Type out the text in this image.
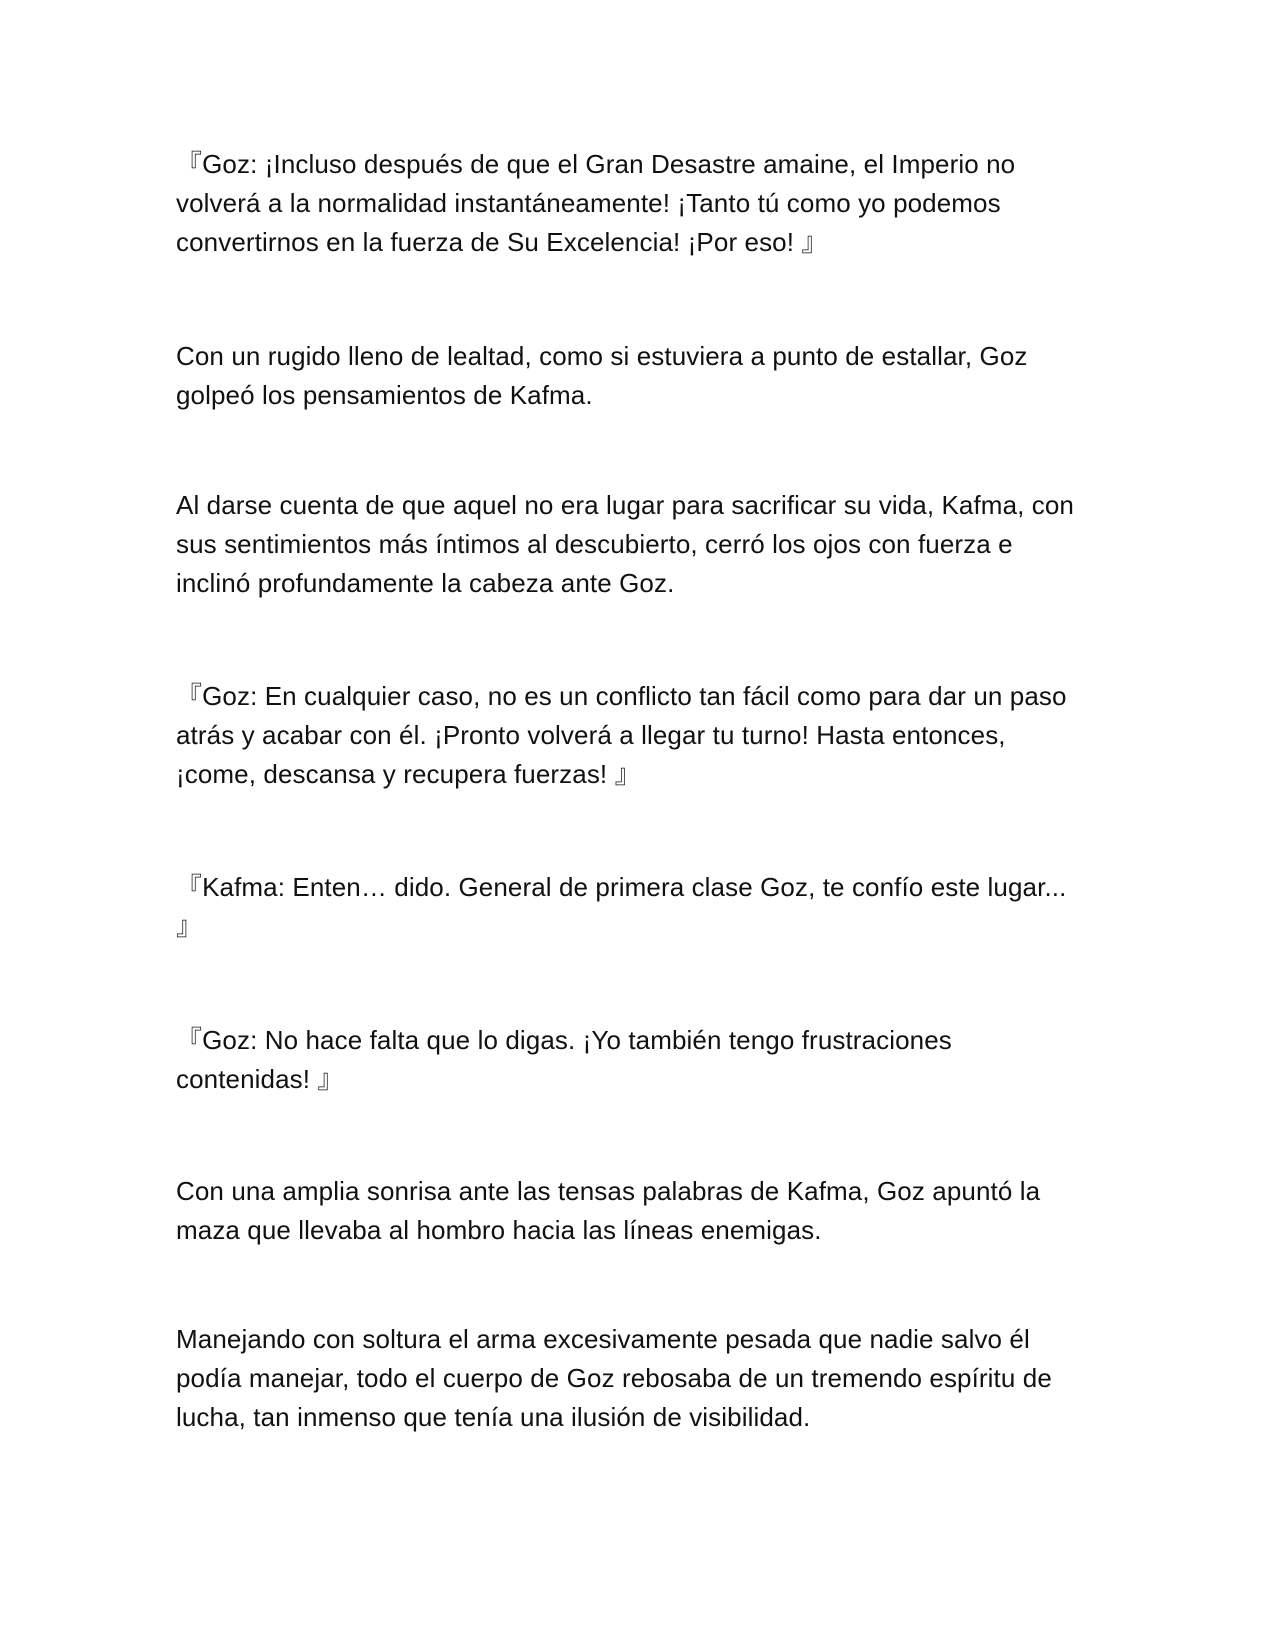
『Goz: ¡Incluso después de que el Gran Desastre amaine, el Imperio no
volverá a la normalidad instantáneamente! ¡Tanto tú como yo podemos
convertirnos en la fuerza de Su Excelencia! ¡Por eso! 』

Con un rugido lleno de lealtad, como si estuviera a punto de estallar, Goz
golpeó los pensamientos de Kafma.

Al darse cuenta de que aquel no era lugar para sacrificar su vida, Kafma, con
sus sentimientos más íntimos al descubierto, cerró los ojos con fuerza e
inclinó profundamente la cabeza ante Goz.

『Goz: En cualquier caso, no es un conflicto tan fácil como para dar un paso
atrás y acabar con él. ¡Pronto volverá a llegar tu turno! Hasta entonces,
¡come, descansa y recupera fuerzas! 』

『Kafma: Enten… dido. General de primera clase Goz, te confío este lugar...
』

『Goz: No hace falta que lo digas. ¡Yo también tengo frustraciones
contenidas! 』

Con una amplia sonrisa ante las tensas palabras de Kafma, Goz apuntó la
maza que llevaba al hombro hacia las líneas enemigas.

Manejando con soltura el arma excesivamente pesada que nadie salvo él
podía manejar, todo el cuerpo de Goz rebosaba de un tremendo espíritu de
lucha, tan inmenso que tenía una ilusión de visibilidad.
